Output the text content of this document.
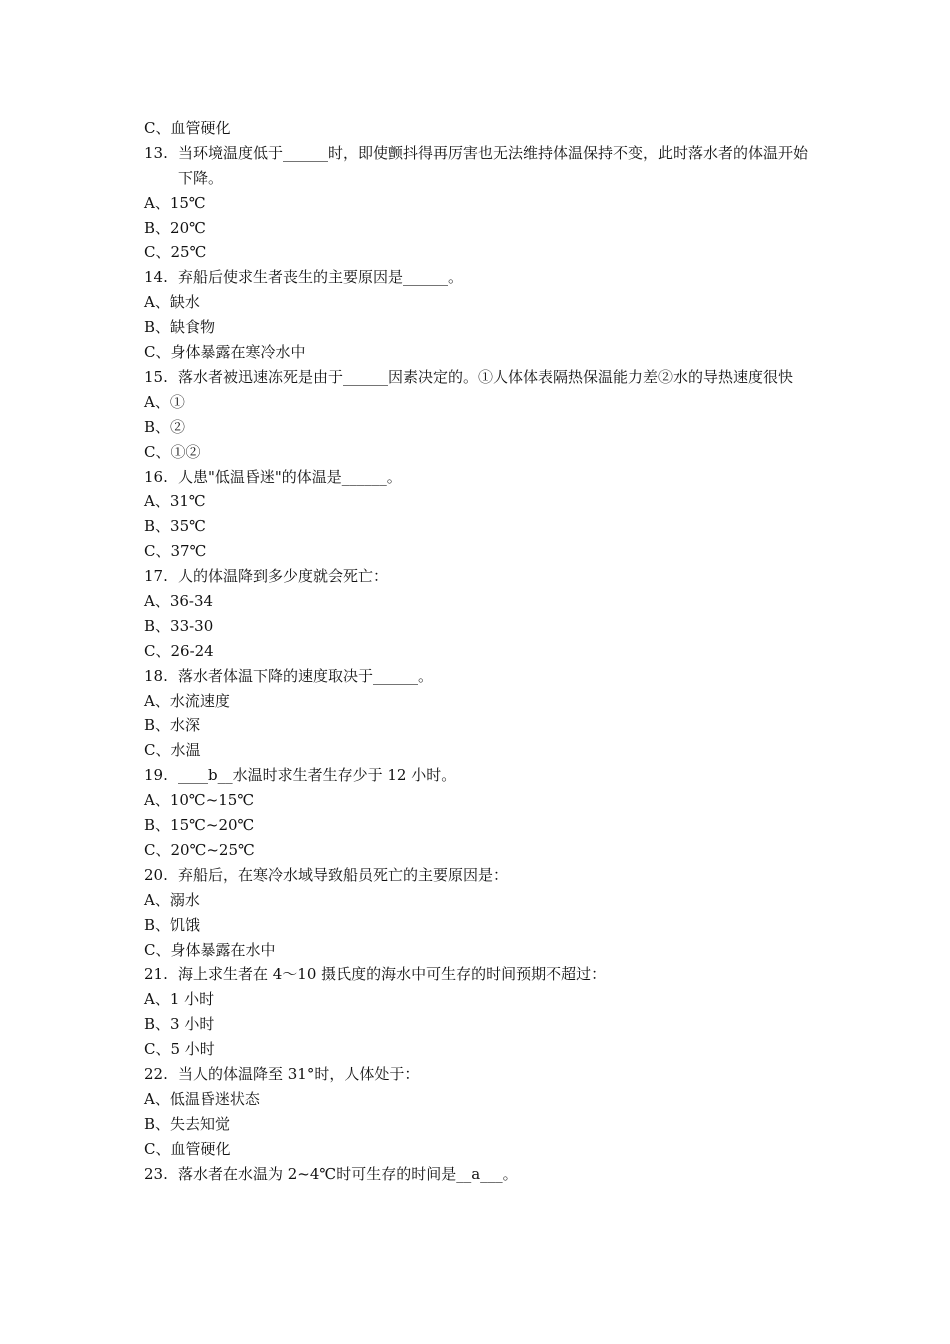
C、血管硬化
13. 当环境温度低于______时，即使颤抖得再厉害也无法维持体温保持不变，此时落水者的体温开始下降。
A、15℃
B、20℃
C、25℃
14. 弃船后使求生者丧生的主要原因是______。
A、缺水
B、缺食物
C、身体暴露在寒冷水中
15. 落水者被迅速冻死是由于______因素决定的。①人体体表隔热保温能力差②水的导热速度很快
A、①
B、②
C、①②
16. 人患"低温昏迷"的体温是______。
A、31℃
B、35℃
C、37℃
17. 人的体温降到多少度就会死亡：
A、36-34
B、33-30
C、26-24
18. 落水者体温下降的速度取决于______。
A、水流速度
B、水深
C、水温
19. ____b__水温时求生者生存少于 12 小时。
A、10℃~15℃
B、15℃~20℃
C、20℃~25℃
20. 弃船后，在寒冷水域导致船员死亡的主要原因是：
A、溺水
B、饥饿
C、身体暴露在水中
21. 海上求生者在 4～10 摄氏度的海水中可生存的时间预期不超过：
A、1 小时
B、3 小时
C、5 小时
22. 当人的体温降至 31°时，人体处于：
A、低温昏迷状态
B、失去知觉
C、血管硬化
23. 落水者在水温为 2~4℃时可生存的时间是__a___。
